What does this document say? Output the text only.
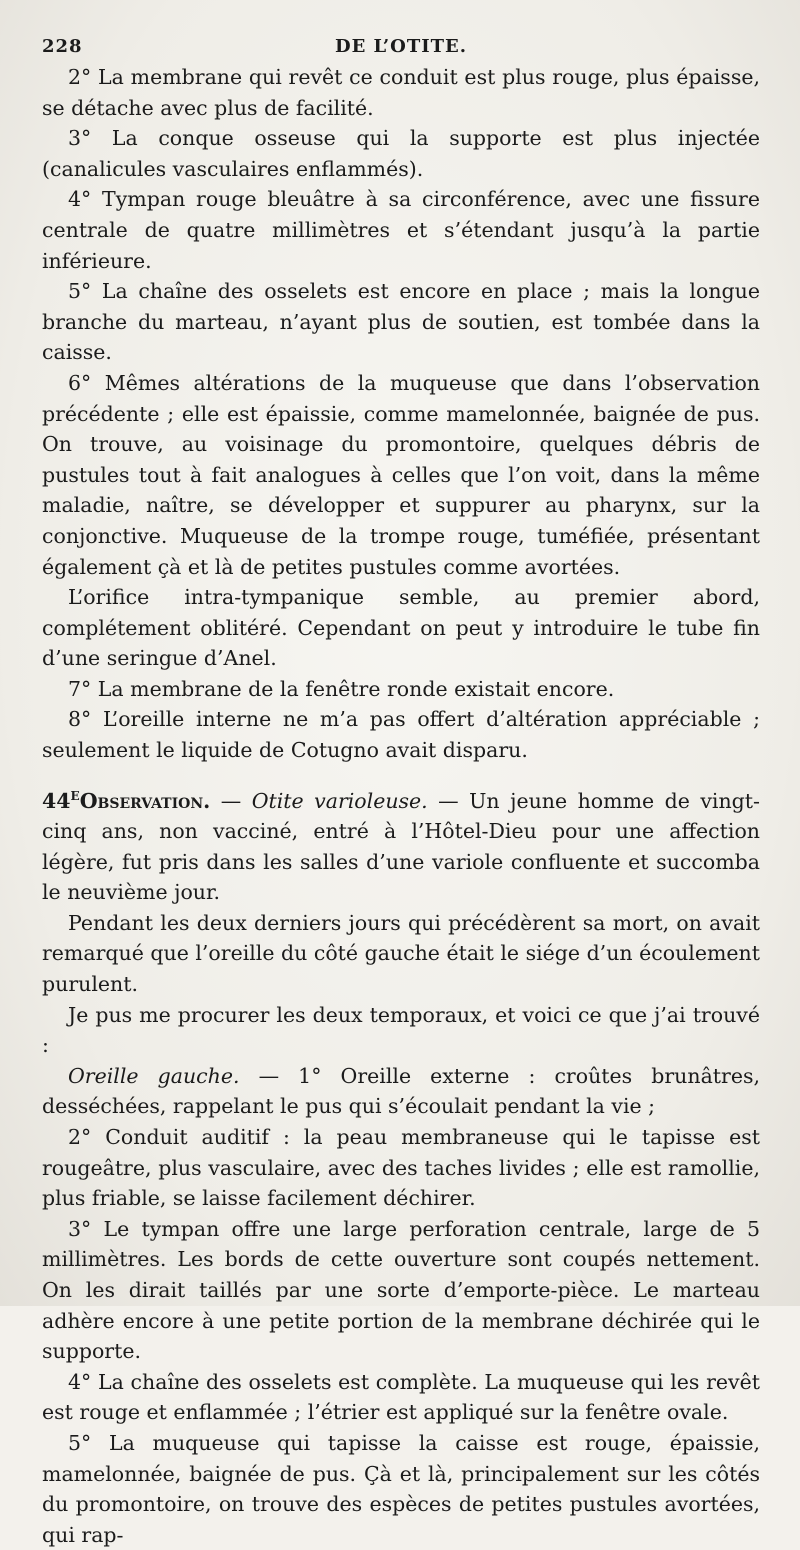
228	DE L’OTITE.

2° La membrane qui revêt ce conduit est plus rouge, plus épaisse, se détache avec plus de facilité.

3° La conque osseuse qui la supporte est plus injectée (canalicules vasculaires enflammés).

4° Tympan rouge bleuâtre à sa circonférence, avec une fissure centrale de quatre millimètres et s’étendant jusqu’à la partie inférieure.

5° La chaîne des osselets est encore en place ; mais la longue branche du marteau, n’ayant plus de soutien, est tombée dans la caisse.

6° Mêmes altérations de la muqueuse que dans l’observation précédente ; elle est épaissie, comme mamelonnée, baignée de pus. On trouve, au voisinage du promontoire, quelques débris de pustules tout à fait analogues à celles que l’on voit, dans la même maladie, naître, se développer et suppurer au pharynx, sur la conjonctive. Muqueuse de la trompe rouge, tuméfiée, présentant également çà et là de petites pustules comme avortées.

L’orifice intra-tympanique semble, au premier abord, complétement oblitéré. Cependant on peut y introduire le tube fin d’une seringue d’Anel.

7° La membrane de la fenêtre ronde existait encore.

8° L’oreille interne ne m’a pas offert d’altération appréciable ; seulement le liquide de Cotugno avait disparu.

44eObservation. — Otite varioleuse. — Un jeune homme de vingt-cinq ans, non vacciné, entré à l’Hôtel-Dieu pour une affection légère, fut pris dans les salles d’une variole confluente et succomba le neuvième jour.

Pendant les deux derniers jours qui précédèrent sa mort, on avait remarqué que l’oreille du côté gauche était le siége d’un écoulement purulent.

Je pus me procurer les deux temporaux, et voici ce que j’ai trouvé :

Oreille gauche. — 1° Oreille externe : croûtes brunâtres, desséchées, rappelant le pus qui s’écoulait pendant la vie ;

2° Conduit auditif : la peau membraneuse qui le tapisse est rougeâtre, plus vasculaire, avec des taches livides ; elle est ramollie, plus friable, se laisse facilement déchirer.

3° Le tympan offre une large perforation centrale, large de 5 millimètres. Les bords de cette ouverture sont coupés nettement. On les dirait taillés par une sorte d’emporte-pièce. Le marteau adhère encore à une petite portion de la membrane déchirée qui le supporte.

4° La chaîne des osselets est complète. La muqueuse qui les revêt est rouge et enflammée ; l’étrier est appliqué sur la fenêtre ovale.

5° La muqueuse qui tapisse la caisse est rouge, épaissie, mamelonnée, baignée de pus. Çà et là, principalement sur les côtés du promontoire, on trouve des espèces de petites pustules avortées, qui rap-
